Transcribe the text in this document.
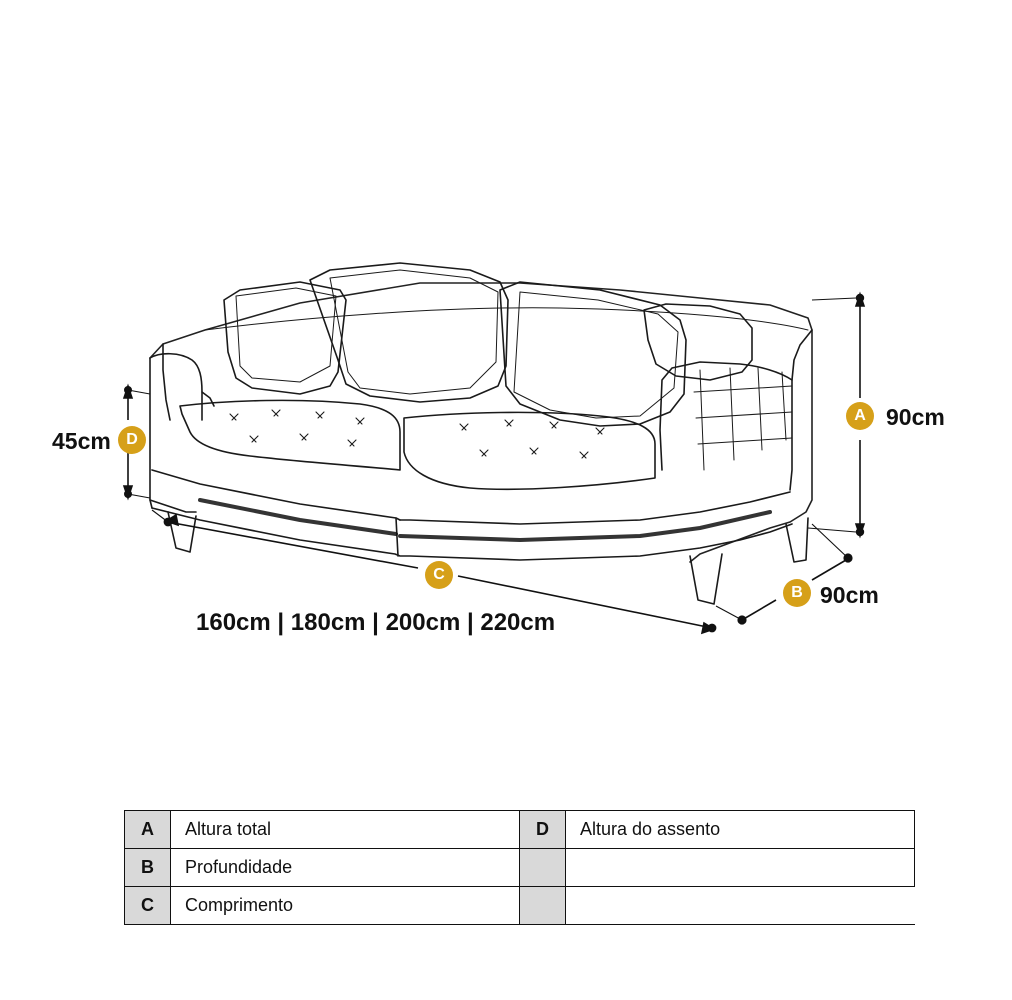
A 90cm
B 90cm
C
160cm | 180cm | 200cm | 220cm
D
45cm
A	Altura total	D	Altura do assento
B	Profundidade		
C	Comprimento		
